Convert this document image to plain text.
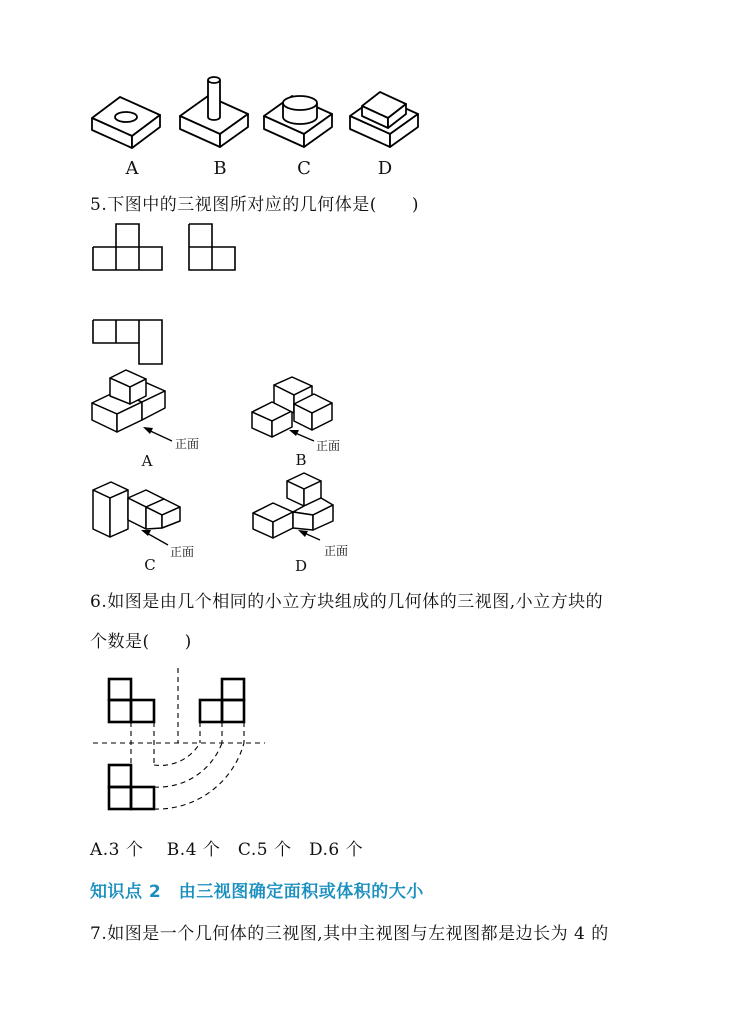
A	B	C	D
5.下图中的三视图所对应的几何体是(　　)
正面
A
正面
B
正面
C
正面
D
6.如图是由几个相同的小立方块组成的几何体的三视图,小立方块的
个数是(　　)
A.3 个　 B.4 个　C.5 个　D.6 个
知识点 2　由三视图确定面积或体积的大小
7.如图是一个几何体的三视图,其中主视图与左视图都是边长为 4 的
